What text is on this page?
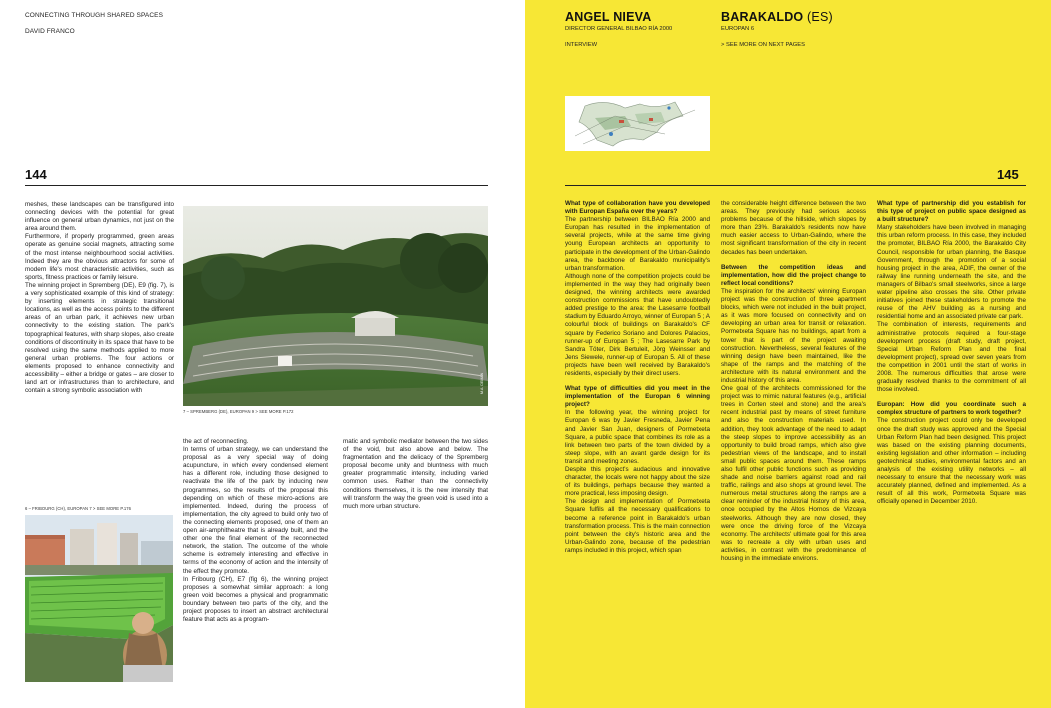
CONNECTING THROUGH SHARED SPACES
DAVID FRANCO
144

meshes, these landscapes can be transfigured into connecting devices with the potential for great influence on general urban dynamics, not just on the area around them.

Furthermore, if properly programmed, green areas operate as genuine social magnets, attracting some of the most intense neighbourhood social activities. Indeed they are the obvious attractors for some of modern life's most characteristic activities, such as sports, fitness practices or family leisure.

The winning project in Spremberg (DE), E9 (fig. 7), is a very sophisticated example of this kind of strategy: by inserting elements in strategic transitional locations, as well as the access points to the different areas of an urban park, it achieves new urban connectivity to the existing station. The park's topographical features, with sharp slopes, also create conditions of discontinuity in its space that have to be resolved using the same methods applied to more general urban problems. The four actions or elements proposed to enhance connectivity and accessibility – either a bridge or gates – are closer to land art or infrastructures than to architecture, and contain a strong symbolic association with	M.A. DEMAN
7 – SPREMBERG (DE), EUROPAN 9 > SEE MORE P.172
6 – FRIBOURG (CH), EUROPAN 7 > SEE MORE P.176

the act of reconnecting.

In terms of urban strategy, we can understand the proposal as a very special way of doing acupuncture, in which every condensed element has a different role, including those designed to reactivate the life of the park by inducing new programmes, so the results of the proposal this depending on which of these micro-actions are implemented. Indeed, during the process of implementation, the city agreed to build only two of the connecting elements proposed, one of them an open air-amphitheatre that is already built, and the other one the final element of the reconnected network, the station. The outcome of the whole scheme is extremely interesting and effective in terms of the economy of action and the intensity of the effect they promote.

In Fribourg (CH), E7 (fig 6), the winning project proposes a somewhat similar approach: a long green void becomes a physical and programmatic boundary between two parts of the city, and the project proposes to insert an abstract architectural feature that acts as a program-

matic and symbolic mediator between the two sides of the void, but also above and below. The fragmentation and the delicacy of the Spremberg proposal become unity and bluntness with much greater programmatic intensity, including varied common uses. Rather than the connectivity conditions themselves, it is the new intensity that will transform the way the green void is used into a much more urban structure.

ANGEL NIEVA
DIRECTOR GENERAL BILBAO RÍA 2000
INTERVIEW
BARAKALDO (ES)
EUROPAN 6
> SEE MORE ON NEXT PAGES
145

What type of collaboration have you developed with Europan España over the years?

The partnership between BILBAO Ría 2000 and Europan has resulted in the implementation of several projects, while at the same time giving young European architects an opportunity to participate in the development of the Urban-Galindo area, the backbone of Barakaldo municipality's urban transformation.

Although none of the competition projects could be implemented in the way they had originally been designed, the winning architects were awarded construction commissions that have undoubtedly added prestige to the area: the Lasesarre football stadium by Eduardo Arroyo, winner of Europan 5 ; A colourful block of buildings on Barakaldo's CF square by Federico Soriano and Dolores Palacios, runner-up of Europan 5 ; The Lasesarre Park by Sandra Töter, Dirk Bertuleit, Jörg Weinsser and Jens Siewele, runner-up of Europan 5. All of these projects have been well received by Barakaldo's residents, especially by their direct users.

What type of difficulties did you meet in the implementation of the Europan 6 winning project?

In the following year, the winning project for Europan 6 was by Javier Fresneda, Javier Pena and Javier San Juan, designers of Pormetxeta Square, a public space that combines its role as a link between two parts of the town divided by a steep slope, with an avant garde design for its transit and meeting zones.

Despite this project's audacious and innovative character, the locals were not happy about the size of its buildings, perhaps because they wanted a more practical, less imposing design.

The design and implementation of Pormetxeta Square fulfils all the necessary qualifications to become a reference point in Barakaldo's urban transformation process. This is the main connection point between the city's historic area and the Urban-Galindo zone, because of the pedestrian ramps included in this project, which span

the considerable height difference between the two areas. They previously had serious access problems because of the hillside, which slopes by more than 23%. Barakaldo's residents now have much easier access to Urban-Galindo, where the most significant transformation of the city in recent decades has been undertaken.

Between the competition ideas and implementation, how did the project change to reflect local conditions?

The inspiration for the architects' winning Europan project was the construction of three apartment blocks, which were not included in the built project, as it was more focused on connectivity and on developing an urban area for transit or relaxation. Pormetxeta Square has no buildings, apart from a tower that is part of the project awaiting construction. Nevertheless, several features of the winning design have been maintained, like the shape of the ramps and the matching of the architecture with its natural environment and the industrial history of this area.

One goal of the architects commissioned for the project was to mimic natural features (e.g., artificial trees in Corten steel and stone) and the area's recent industrial past by means of street furniture and also the construction materials used. In addition, they took advantage of the need to adapt the steep slopes to improve accessibility as an opportunity to build broad ramps, which also give pedestrian views of the landscape, and to install small public spaces around them. These ramps also fulfil other public functions such as providing shade and noise barriers against road and rail traffic, railings and also shops at ground level. The numerous metal structures along the ramps are a clear reminder of the industrial history of this area, once occupied by the Altos Hornos de Vizcaya steelworks. Although they are now closed, they were once the driving force of the Vizcaya economy. The architects' ultimate goal for this area was to recreate a city with urban uses and activities, in contrast with the predominance of housing in the immediate environs.

What type of partnership did you establish for this type of project on public space designed as a built structure?

Many stakeholders have been involved in managing this urban reform process. In this case, they included the promoter, BILBAO Ría 2000, the Barakaldo City Council, responsible for urban planning, the Basque Government, through the promotion of a social housing project in the area, ADIF, the owner of the railway line running underneath the site, and the managers of Bilbao's small steelworks, since a large water pipeline also crosses the site. Other private initiatives joined these stakeholders to promote the reuse of the AHV building as a nursing and residential home and an associated private car park.

The combination of interests, requirements and administrative protocols required a four-stage development process (draft study, draft project, Special Urban Reform Plan and the final development project), spread over seven years from the competition in 2001 until the start of works in 2008. The numerous difficulties that arose were gradually resolved thanks to the commitment of all those involved.

Europan: How did you coordinate such a complex structure of partners to work together?

The construction project could only be developed once the draft study was approved and the Special Urban Reform Plan had been designed. This project was based on the existing planning documents, existing legislation and other information – including geotechnical studies, environmental factors and an analysis of the existing utility networks – all necessary to ensure that the necessary work was accurately planned, defined and implemented. As a result of all this work, Pormetxeta Square was officially opened in December 2010.
